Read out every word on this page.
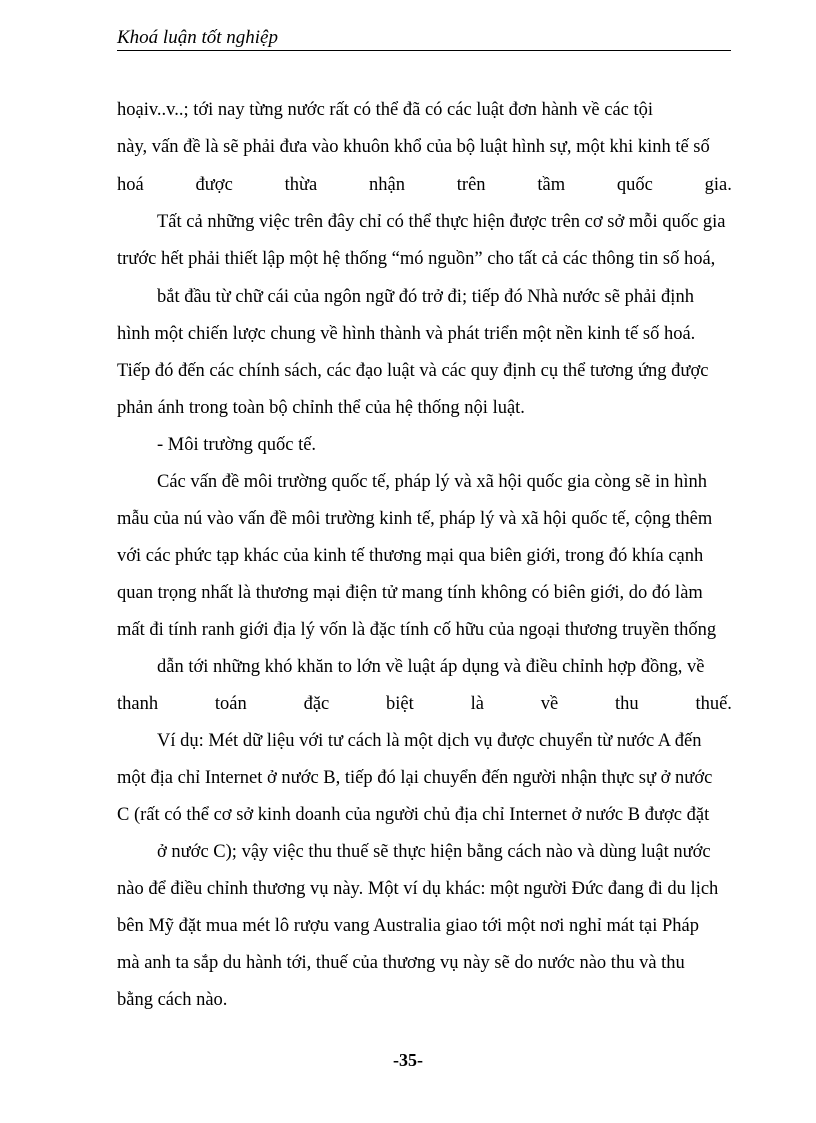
Khoá luận tốt nghiệp
hoạiv..v..; tới nay từng nước rất có thể đã có các luật đơn hành về các tội
này, vấn đề là sẽ phải đưa vào khuôn khổ của bộ luật hình sự, một khi kinh tế số
hoá	được	thừa	nhận	trên	tầm	quốc	gia.
Tất cả những việc trên đây chỉ có thể thực hiện được trên cơ sở mỗi quốc gia
trước hết phải thiết lập một hệ thống “mó nguồn” cho tất cả các thông tin số hoá,
bắt đầu từ chữ cái của ngôn ngữ đó trở đi; tiếp đó Nhà nước sẽ phải định
hình một chiến lược chung về hình thành và phát triển một nền kinh tế số hoá.
Tiếp đó đến các chính sách, các đạo luật và các quy định cụ thể tương ứng được
phản ánh trong toàn bộ chỉnh thể của hệ thống nội luật.
- Môi trường quốc tế.
Các vấn đề môi trường quốc tế, pháp lý và xã hội quốc gia còng sẽ in hình
mẫu của nú vào vấn đề môi trường kinh tế, pháp lý và xã hội quốc tế, cộng thêm
với các phức tạp khác của kinh tế thương mại qua biên giới, trong đó khía cạnh
quan trọng nhất là thương mại điện tử mang tính không có biên giới, do đó làm
mất đi tính ranh giới địa lý vốn là đặc tính cố hữu của ngoại thương truyền thống
dẫn tới những khó khăn to lớn về luật áp dụng và điều chỉnh hợp đồng, về
thanh	toán	đặc	biệt	là	về	thu	thuế.
Ví dụ: Mét dữ liệu với tư cách là một dịch vụ được chuyển từ nước A đến
một địa chỉ Internet ở nước B, tiếp đó lại chuyển đến người nhận thực sự ở nước
C (rất có thể cơ sở kinh doanh của người chủ địa chỉ Internet ở nước B được đặt
ở nước C); vậy việc thu thuế sẽ thực hiện bằng cách nào và dùng luật nước
nào để điều chỉnh thương vụ này. Một ví dụ khác: một người Đức đang đi du lịch
bên Mỹ đặt mua mét lô rượu vang Australia giao tới một nơi nghỉ mát tại Pháp
mà anh ta sắp du hành tới, thuế của thương vụ này sẽ do nước nào thu và thu
bằng cách nào.
-35-
